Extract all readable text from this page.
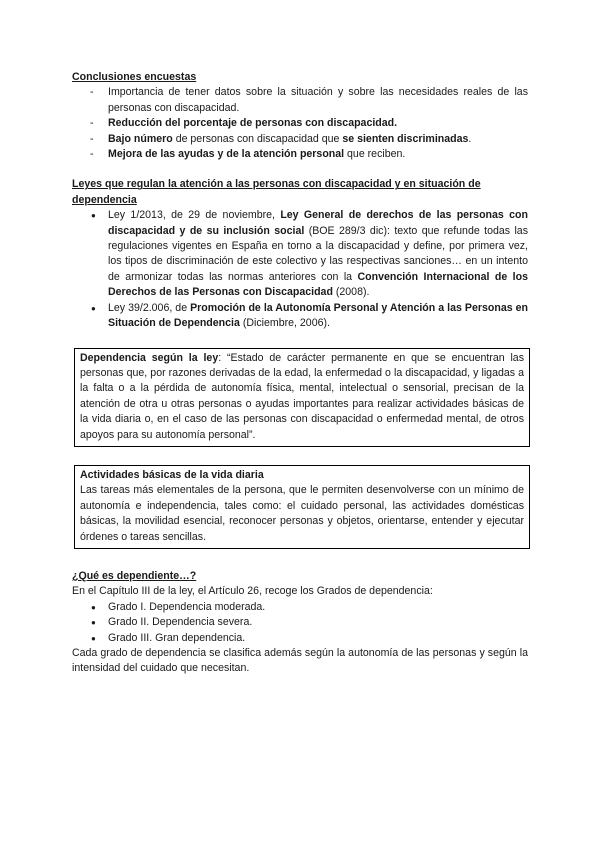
Conclusiones encuestas
- Importancia de tener datos sobre la situación y sobre las necesidades reales de las personas con discapacidad.
- Reducción del porcentaje de personas con discapacidad.
- Bajo número de personas con discapacidad que se sienten discriminadas.
- Mejora de las ayudas y de la atención personal que reciben.
Leyes que regulan la atención a las personas con discapacidad y en situación de dependencia
● Ley 1/2013, de 29 de noviembre, Ley General de derechos de las personas con discapacidad y de su inclusión social (BOE 289/3 dic): texto que refunde todas las regulaciones vigentes en España en torno a la discapacidad y define, por primera vez, los tipos de discriminación de este colectivo y las respectivas sanciones… en un intento de armonizar todas las normas anteriores con la Convención Internacional de los Derechos de las Personas con Discapacidad (2008).
● Ley 39/2.006, de Promoción de la Autonomía Personal y Atención a las Personas en Situación de Dependencia (Diciembre, 2006).
Dependencia según la ley: “Estado de carácter permanente en que se encuentran las personas que, por razones derivadas de la edad, la enfermedad o la discapacidad, y ligadas a la falta o a la pérdida de autonomía física, mental, intelectual o sensorial, precisan de la atención de otra u otras personas o ayudas importantes para realizar actividades básicas de la vida diaria o, en el caso de las personas con discapacidad o enfermedad mental, de otros apoyos para su autonomía personal”.
Actividades básicas de la vida diaria
Las tareas más elementales de la persona, que le permiten desenvolverse con un mínimo de autonomía e independencia, tales como: el cuidado personal, las actividades domésticas básicas, la movilidad esencial, reconocer personas y objetos, orientarse, entender y ejecutar órdenes o tareas sencillas.
¿Qué es dependiente…?

En el Capítulo III de la ley, el Artículo 26, recoge los Grados de dependencia:

● Grado I. Dependencia moderada.
● Grado II. Dependencia severa.
● Grado III. Gran dependencia.

Cada grado de dependencia se clasifica además según la autonomía de las personas y según la intensidad del cuidado que necesitan.
